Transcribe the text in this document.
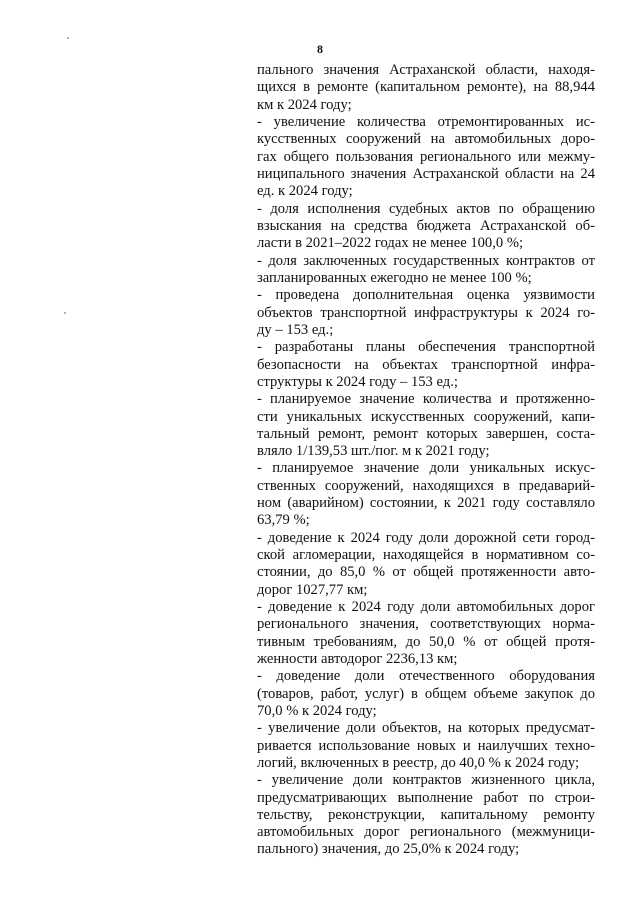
8
пального значения Астраханской области, находя-
щихся в ремонте (капитальном ремонте), на 88,944
км к 2024 году;
- увеличение количества отремонтированных ис-
кусственных сооружений на автомобильных доро-
гах общего пользования регионального или межму-
ниципального значения Астраханской области на 24
ед. к 2024 году;
- доля исполнения судебных актов по обращению
взыскания на средства бюджета Астраханской об-
ласти в 2021–2022 годах не менее 100,0 %;
- доля заключенных государственных контрактов от
запланированных ежегодно не менее 100 %;
- проведена дополнительная оценка уязвимости
объектов транспортной инфраструктуры к 2024 го-
ду – 153 ед.;
- разработаны планы обеспечения транспортной
безопасности на объектах транспортной инфра-
структуры к 2024 году – 153 ед.;
- планируемое значение количества и протяженно-
сти уникальных искусственных сооружений, капи-
тальный ремонт, ремонт которых завершен, соста-
вляло 1/139,53 шт./пог. м к 2021 году;
- планируемое значение доли уникальных искус-
ственных сооружений, находящихся в предаварий-
ном (аварийном) состоянии, к 2021 году составляло
63,79 %;
- доведение к 2024 году доли дорожной сети город-
ской агломерации, находящейся в нормативном со-
стоянии, до 85,0 % от общей протяженности авто-
дорог 1027,77 км;
- доведение к 2024 году доли автомобильных дорог
регионального значения, соответствующих норма-
тивным требованиям, до 50,0 % от общей протя-
женности автодорог 2236,13 км;
- доведение доли отечественного оборудования
(товаров, работ, услуг) в общем объеме закупок до
70,0 % к 2024 году;
- увеличение доли объектов, на которых предусмат-
ривается использование новых и наилучших техно-
логий, включенных в реестр, до 40,0 % к 2024 году;
- увеличение доли контрактов жизненного цикла,
предусматривающих выполнение работ по строи-
тельству, реконструкции, капитальному ремонту
автомобильных дорог регионального (межмуници-
пального) значения, до 25,0% к 2024 году;
